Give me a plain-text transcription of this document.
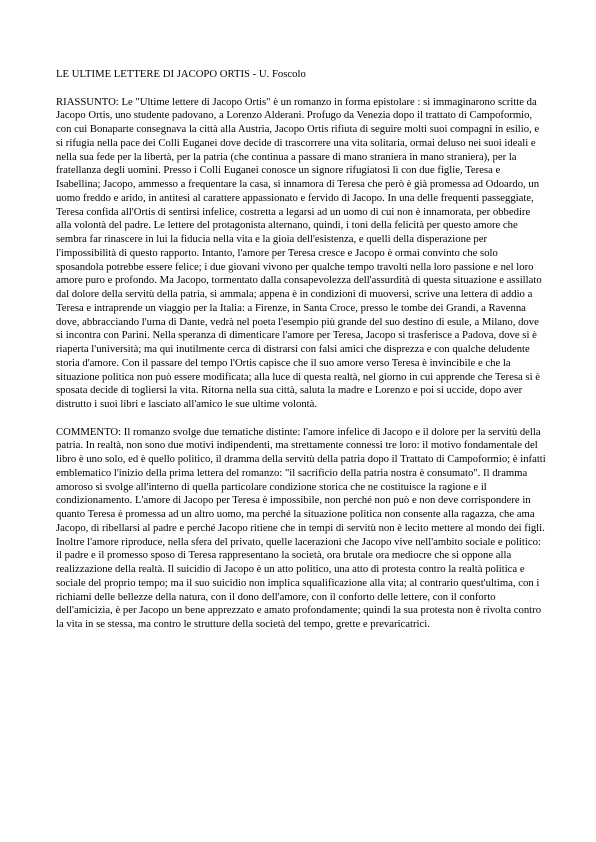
LE ULTIME LETTERE DI JACOPO ORTIS - U. Foscolo

RIASSUNTO: Le "Ultime lettere di Jacopo Ortis" è un romanzo in forma epistolare : si immaginarono scritte da Jacopo Ortis, uno studente padovano, a Lorenzo Alderani. Profugo da Venezia dopo il trattato di Campoformio, con cui Bonaparte consegnava la città alla Austria, Jacopo Ortis rifiuta di seguire molti suoi compagni in esilio, e si rifugia nella pace dei Colli Euganei dove decide di trascorrere una vita solitaria, ormai deluso nei suoi ideali e nella sua fede per la libertà, per la patria (che continua a passare di mano straniera in mano straniera), per la fratellanza degli uomini. Presso i Colli Euganei conosce un signore rifugiatosi lì con due figlie, Teresa e Isabellina; Jacopo, ammesso a frequentare la casa, si innamora di Teresa che però è già promessa ad Odoardo, un uomo freddo e arido, in antitesi al carattere appassionato e fervido di Jacopo. In una delle frequenti passeggiate, Teresa confida all'Ortis di sentirsi infelice, costretta a legarsi ad un uomo di cui non è innamorata, per obbedire alla volontà del padre. Le lettere del protagonista alternano, quindi, i toni della felicità per questo amore che sembra far rinascere in lui la fiducia nella vita e la gioia dell'esistenza, e quelli della disperazione per l'impossibilità di questo rapporto. Intanto, l'amore per Teresa cresce e Jacopo è ormai convinto che solo sposandola potrebbe essere felice; i due giovani vivono per qualche tempo travolti nella loro passione e nel loro amore puro e profondo. Ma Jacopo, tormentato dalla consapevolezza dell'assurdità di questa situazione e assillato dal dolore della servitù della patria, si ammala; appena è in condizioni di muoversi, scrive una lettera di addio a Teresa e intraprende un viaggio per la Italia: a Firenze, in Santa Croce, presso le tombe dei Grandi, a Ravenna dove, abbracciando l'urna di Dante, vedrà nel poeta l'esempio più grande del suo destino di esule, a Milano, dove si incontra con Parini. Nella speranza di dimenticare l'amore per Teresa, Jacopo si trasferisce a Padova, dove si è riaperta l'università; ma qui inutilmente cerca di distrarsi con falsi amici che disprezza e con qualche deludente storia d'amore. Con il passare del tempo l'Ortis capisce che il suo amore verso Teresa è invincibile e che la situazione politica non può essere modificata; alla luce di questa realtà, nel giorno in cui apprende che Teresa si è sposata decide di togliersi la vita. Ritorna nella sua città, saluta la madre e Lorenzo e poi si uccide, dopo aver distrutto i suoi libri e lasciato all'amico le sue ultime volontà.

COMMENTO: Il romanzo svolge due tematiche distinte: l'amore infelice di Jacopo e il dolore per la servitù della patria. In realtà, non sono due motivi indipendenti, ma strettamente connessi tre loro: il motivo fondamentale del libro è uno solo, ed è quello politico, il dramma della servitù della patria dopo il Trattato di Campoformio; è infatti emblematico l'inizio della prima lettera del romanzo: "il sacrificio della patria nostra è consumato". Il dramma amoroso si svolge all'interno di quella particolare condizione storica che ne costituisce la ragione e il condizionamento. L'amore di Jacopo per Teresa è impossibile, non perché non può e non deve corrispondere in quanto Teresa è promessa ad un altro uomo, ma perché la situazione politica non consente alla ragazza, che ama Jacopo, di ribellarsi al padre e perché Jacopo ritiene che in tempi di servitù non è lecito mettere al mondo dei figli. Inoltre l'amore riproduce, nella sfera del privato, quelle lacerazioni che Jacopo vive nell'ambito sociale e politico: il padre e il promesso sposo di Teresa rappresentano la società, ora brutale ora mediocre che si oppone alla realizzazione della realtà. Il suicidio di Jacopo è un atto politico, una atto di protesta contro la realtà politica e sociale del proprio tempo; ma il suo suicidio non implica squalificazione alla vita; al contrario quest'ultima, con i richiami delle bellezze della natura, con il dono dell'amore, con il conforto delle lettere, con il conforto dell'amicizia, è per Jacopo un bene apprezzato e amato profondamente; quindi la sua protesta non è rivolta contro la vita in se stessa, ma contro le strutture della società del tempo, grette e prevaricatrici.
